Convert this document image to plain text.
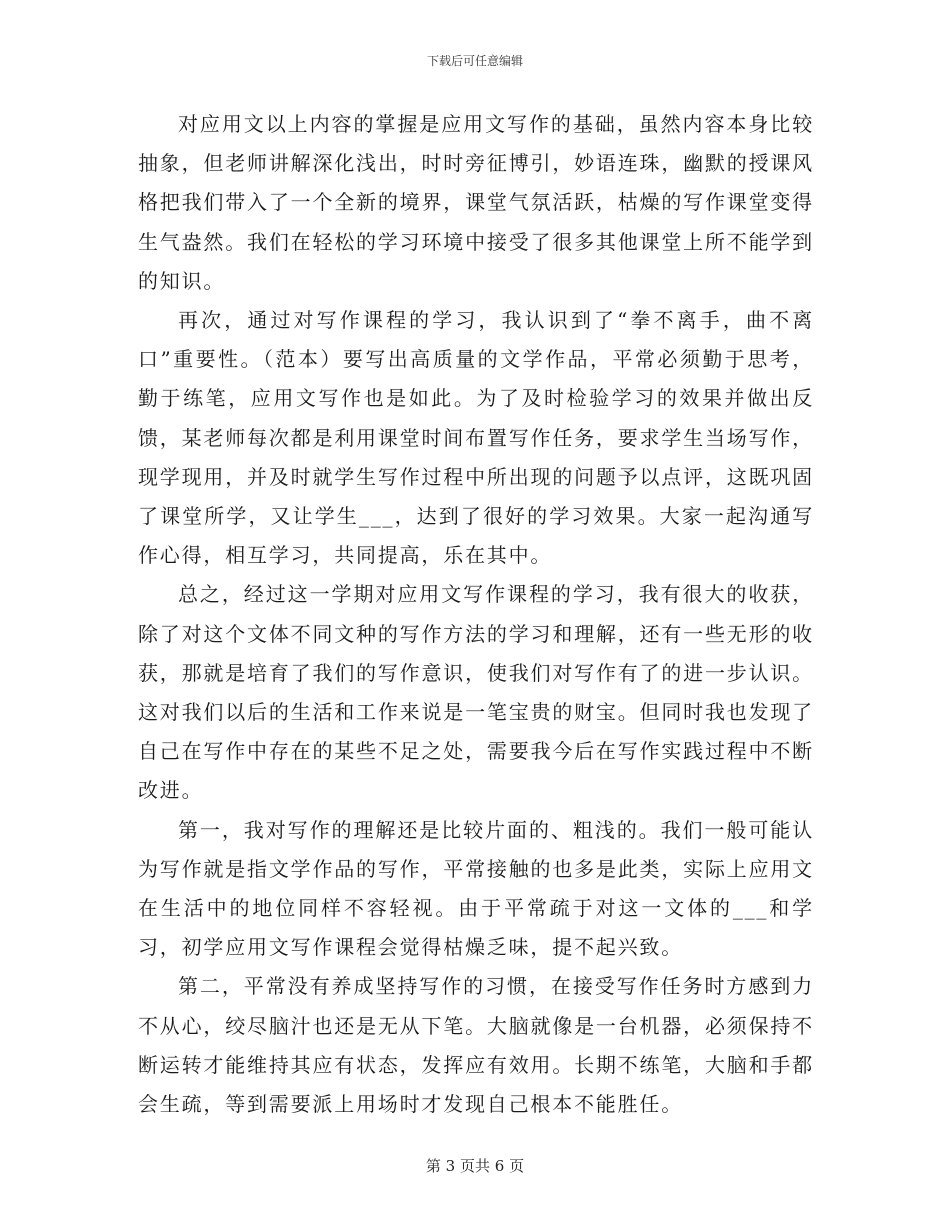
下载后可任意编辑

对应用文以上内容的掌握是应用文写作的基础，虽然内容本身比较抽象，但老师讲解深化浅出，时时旁征博引，妙语连珠，幽默的授课风格把我们带入了一个全新的境界，课堂气氛活跃，枯燥的写作课堂变得生气盎然。我们在轻松的学习环境中接受了很多其他课堂上所不能学到的知识。

再次，通过对写作课程的学习，我认识到了“拳不离手，曲不离口”重要性。（范本）要写出高质量的文学作品，平常必须勤于思考，勤于练笔，应用文写作也是如此。为了及时检验学习的效果并做出反馈，某老师每次都是利用课堂时间布置写作任务，要求学生当场写作，现学现用，并及时就学生写作过程中所出现的问题予以点评，这既巩固了课堂所学，又让学生___，达到了很好的学习效果。大家一起沟通写作心得，相互学习，共同提高，乐在其中。

总之，经过这一学期对应用文写作课程的学习，我有很大的收获，除了对这个文体不同文种的写作方法的学习和理解，还有一些无形的收获，那就是培育了我们的写作意识，使我们对写作有了的进一步认识。这对我们以后的生活和工作来说是一笔宝贵的财宝。但同时我也发现了自己在写作中存在的某些不足之处，需要我今后在写作实践过程中不断改进。

第一，我对写作的理解还是比较片面的、粗浅的。我们一般可能认为写作就是指文学作品的写作，平常接触的也多是此类，实际上应用文在生活中的地位同样不容轻视。由于平常疏于对这一文体的___和学习，初学应用文写作课程会觉得枯燥乏味，提不起兴致。

第二，平常没有养成坚持写作的习惯，在接受写作任务时方感到力不从心，绞尽脑汁也还是无从下笔。大脑就像是一台机器，必须保持不断运转才能维持其应有状态，发挥应有效用。长期不练笔，大脑和手都会生疏，等到需要派上用场时才发现自己根本不能胜任。

第 3 页共 6 页
